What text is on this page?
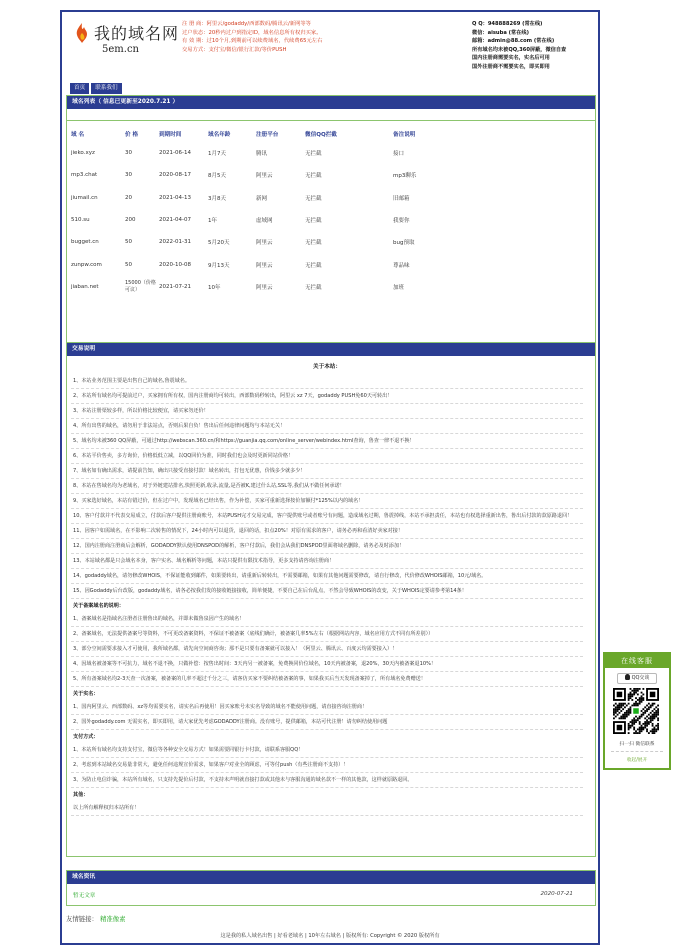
我的域名网
5em.cn
注 册 商：阿里云/godaddy/西部数码/腾讯云/新网等等
过户状态：20秒内过户到指定ID，域名信息所有权归买家。
有 效 期：过10个月,到期前可以续费域名，代续费65元左右
交易方式：支付宝/微信/银行汇款/等价PUSH
Q Q：948888269 (常在线)
微信：aisuba (常在线)
邮箱：admin@88.com (常在线)
所有域名均未被QQ,360屏蔽，微信自查
国内注册商需要实名，实名后可用
国外注册商不需要实名，即买即用
首页 联系我们
域名列表（ 信息已更新至2020.7.21 ）
域 名	价 格	到期时间	域名年龄	注册平台	微信QQ拦截	备注说明
jieko.xyz	30	2021-06-14	1月7天	腾讯	无拦截	接口
mp3.chat	30	2020-08-17	8月5天	阿里云	无拦截	mp3聊乐
jiumail.cn	20	2021-04-13	3月8天	新网	无拦截	旧邮箱
510.su	200	2021-04-07	1年	虚域网	无拦截	我要你
bugget.cn	50	2022-01-31	5月20天	阿里云	无拦截	bug预取
zunpw.com	50	2020-10-08	9月13天	阿里云	无拦截	尊品味
jiaban.net	15000（价格可议）	2021-07-21	10年	阿里云	无拦截	加班
交易说明
关于本站：
1、本站业务范围主要是出售自己的域名,鲁震域名。
2、本站所有域名均可提前过户，买家拥有所有权，国内注册商均可转出，西部数码秒转出，阿里云 xz 7天，godaddy PUSH免60天可转出！
3、本站注册渠较多样，所以价格比较便宜，请买家勿还价！
4、所有出售的域名，请勿用于非法站点，否则后果自负！售出后任何违律问题均与本站无关！
5、域名均未被360 QQ屏蔽，可通过http://webscan.360.cn/和https://guanjia.qq.com/online_server/webindex.html查询，鲁查一律不退不换！
6、本站平价售卖，多方询价，价格低低立减，以QQ回价为准，同时我们也会及时更新同站价格！
7、域名如有确出需求，请提前告知，确出只接受直接付款！域名转出，打包无优惠，价钱多少就多少！
8、本站在售域名均为老域名，对于外链建站排名,快照更新,收录,流量,是否被K,建过什么站,SSL等,我们从不做任何承诺！
9、买家选好域名，本站有错过价，但在过户中，发现域名已经出售，作为补偿，买家可重新选择按价加额付*125%以内的域名！
10、客户付款并不代表交易成立，付款后客户提供注册商账号，本站PUSH完才交易完成，客户提供账号或者账号有问题，造成域名过期，鲁震掉线，本站不承担责任，本站也有权选择重新出售，鲁出后付款的款原路退回！
11、因客户如需域名，在不影响二次转售的情况下，24小时内可以退货，退回的话，扣点20%！对原有需求的客户，请务必再和看清好卖家对接！
12、国内注册商注册商后会解析，GODADDY默认使用DNSPOD的解析，客户付款后，我们会从我们DNSPOD里面将域名删除，请务必及时添加！
13、本站域名都是只会域名本身，客户实名、域名解析等问题，本站只提供有限技术指导，更多支持请咨询注册商！
14、godaddy域名，请勿修改WHOIS，不保证能收到邮件，如果要转出，请重新后转转出，不需要邮箱，如果有其他问题需要修改，请自行修改，代价修改WHOIS邮箱，10元/域名。
15、因Godaddy后台改版，godaddy域名，请各必按我们发的接收链接接收，简单便捷，不要自己在后台乱点，不然会导致WHOIS的改变，关于WHOIS定要请参考第14条！
关于备案域名的说明：
1、备案域名是指域名注册者注册鲁出的域名，并即未做鲁泉因产生的域名！
2、备案域名，无法提供备案号等资料，不可更改备案资料，不保证不被备案（底线们确计，被备案几率5%左右（根据网站内容，域名应用方式不同有所差别））
3、部分空间需要求接入才可使用，我所域名都，请先向空间商咨询；那不是只要有备案就可以接入！（阿里云、腾讯云、百度云均需要接入）！
4、因域名被备案等不可抗力，域名不退不换，只做补偿：按售出时间：3天内另一被备案，免费换同价位域名，10天内被备案，退20%，30天内被备案退10%！
5、所有备案域名均2-3天查一次备案，被备案的几率不超过千分之三，请客仿买家不要纠结被备案的事，如果我买后当天发现备案掉了，所有域名免费赠送！
关于实名：
1、国内阿里云、西部数码、xz等均需要实名，请实名后再使用！因买家账号未实名导致的域名不能使用问题，请直接咨询注册商！
2、国外godaddy.com 无需实名，即买即用，请大家优先考虑GODADDY注册商。没有账号，提供邮箱，本站可代注册！请勿纠结使用问题
支付方式：
1、本站所有域名均支持支付宝，微信等各种安全交易方式！如果需要同银行卡付款，请联系客服QQ！
2、考虑到本站域名交易量非常大，避免任何违规宣价需求，如果客户对业全的顾虑，可等付push（有些注册商不支持）！
3、为防止电信诈骗，本站所有域名，只支持先提价后付款，不支持未声明就直接打款或其他未与客服沟通的域名款不一样的其他款，这样就原路退回。
其他：
以上所有解释权归本站所有！
域名资讯
暂无文章	2020-07-21
友情链接： 精准像素
这是我的私人域名出售 | 好看老域名 | 10年左右域名 | 版权所有: Copyright © 2020 版权所有
在线客服
QQ交谈
扫一扫 微信联系
收起/展开
